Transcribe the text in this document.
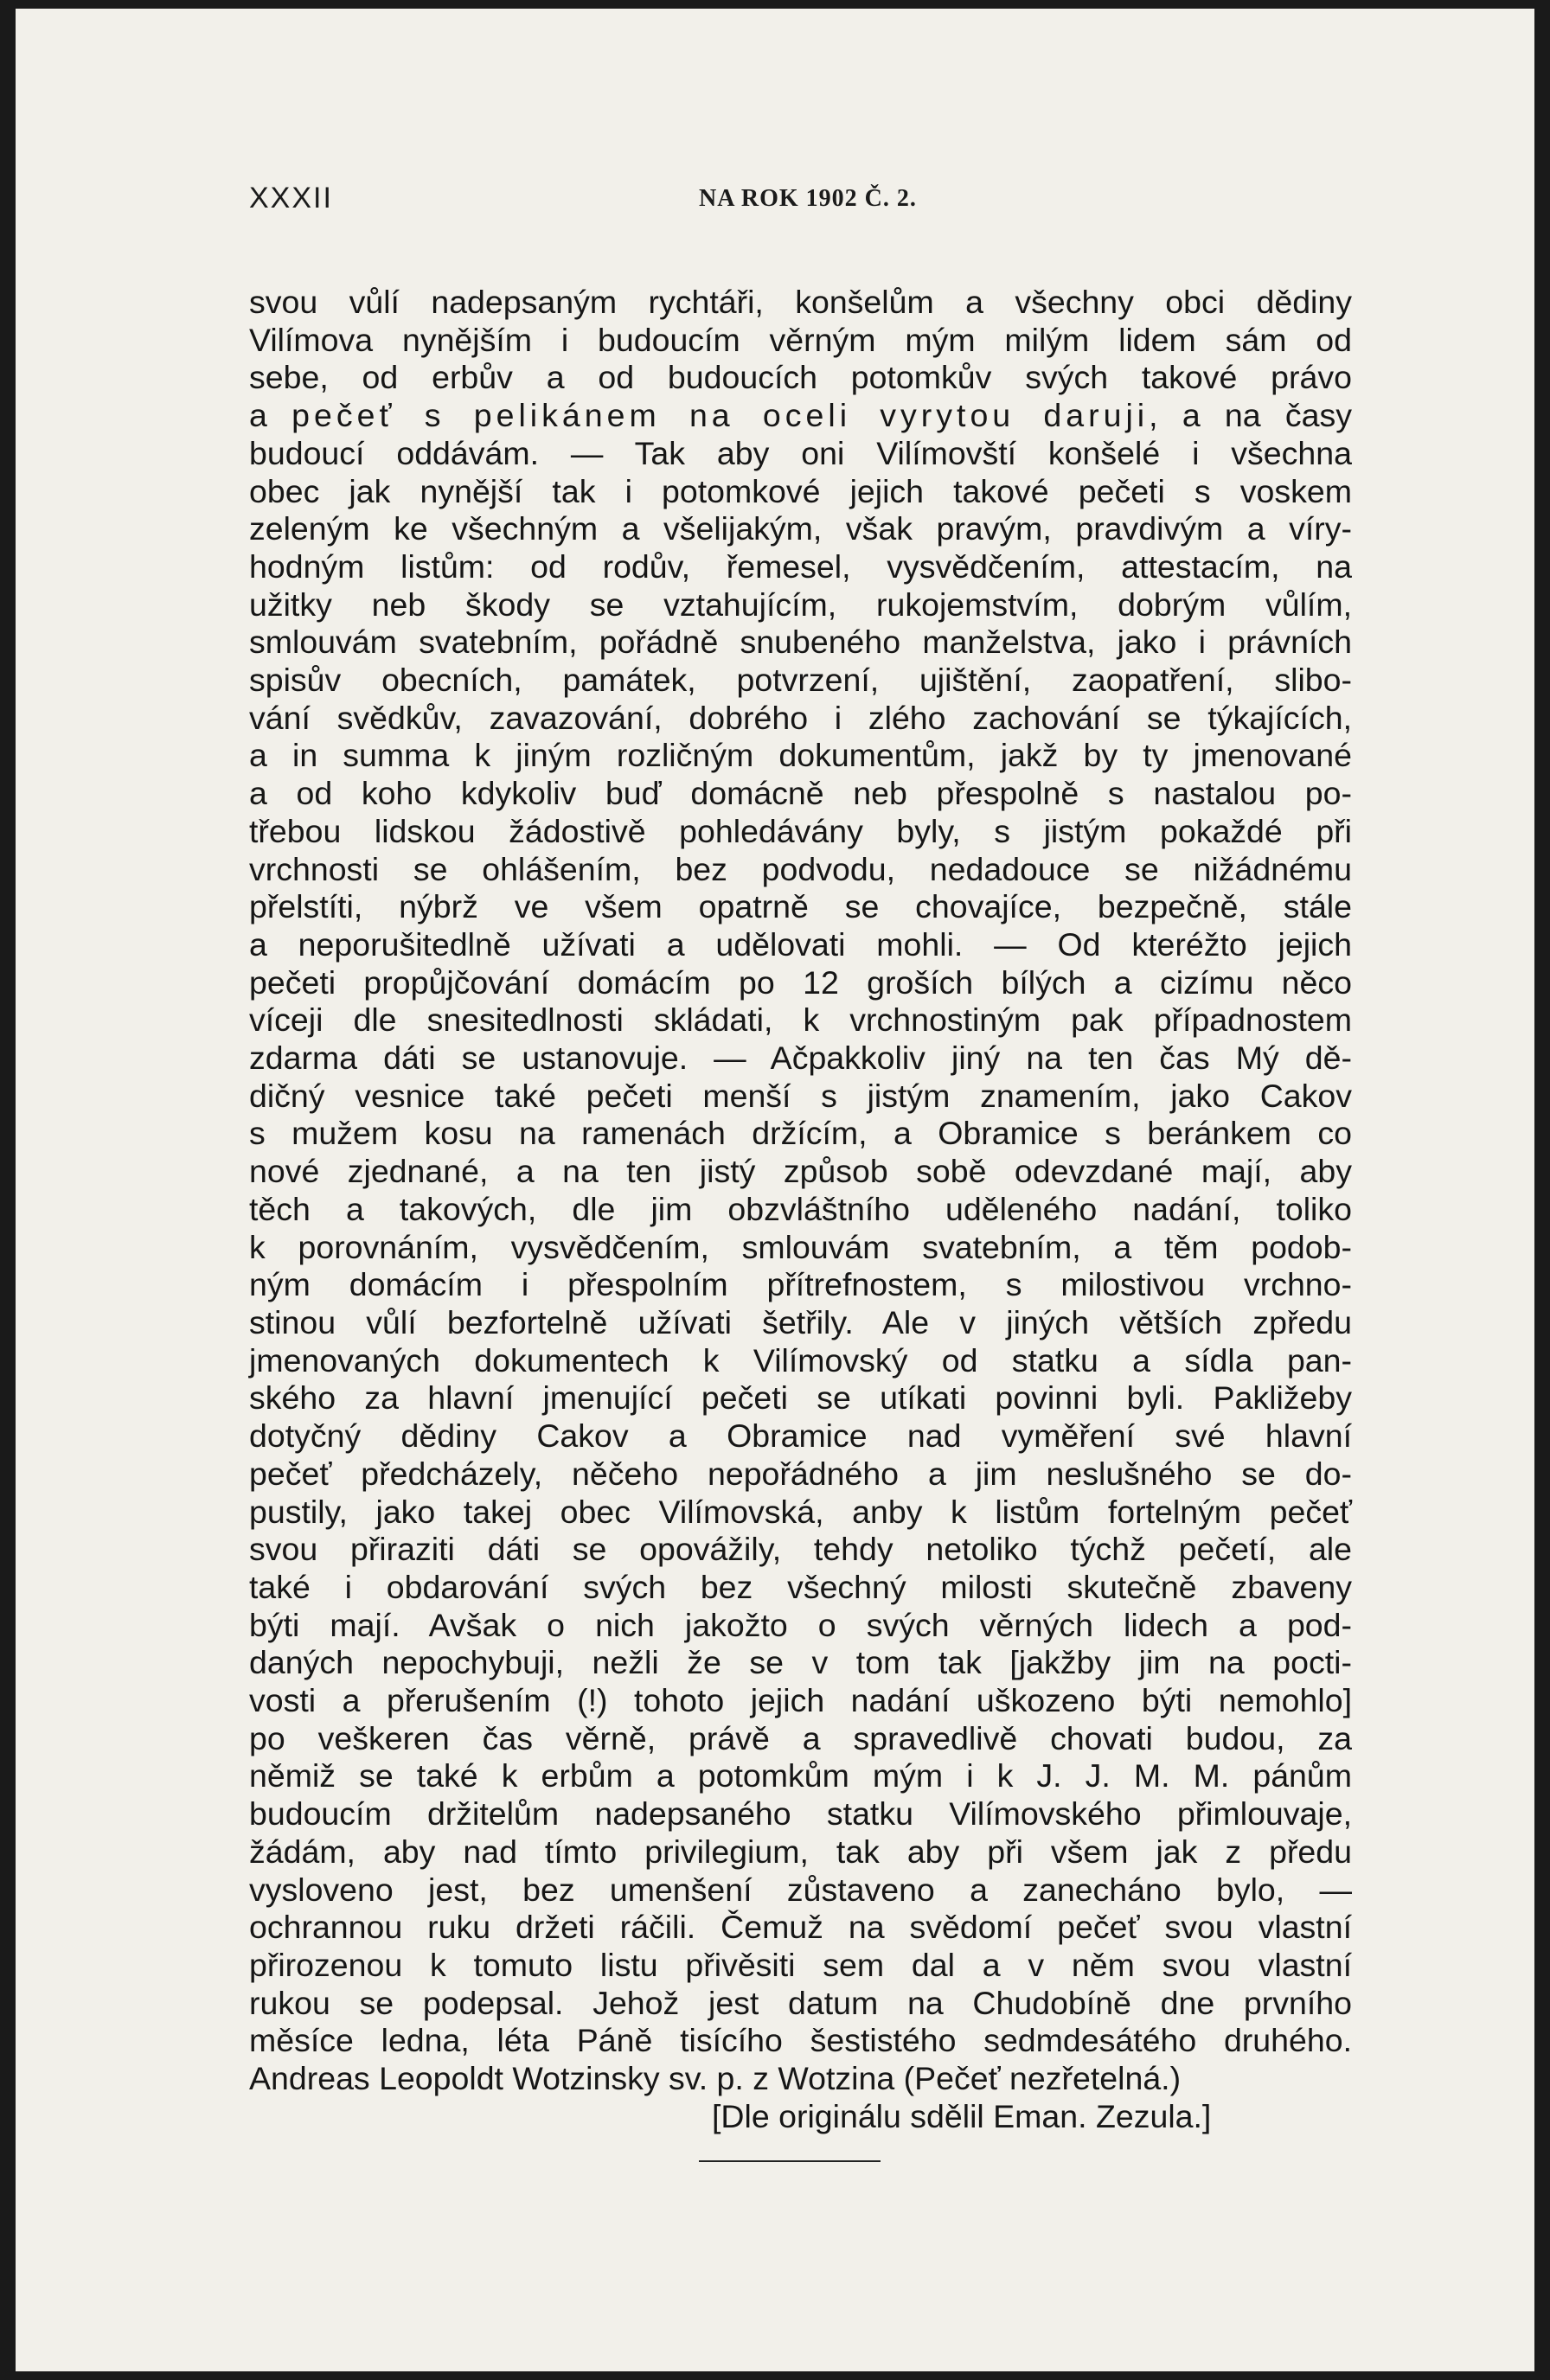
XXXII	NA ROK 1902 Č. 2.
svou vůlí nadepsaným rychtáři, konšelům a všechny obci dědiny
Vilímova nynějším i budoucím věrným mým milým lidem sám od
sebe, od erbův a od budoucích potomkův svých takové právo
a pečeť s pelikánem na oceli vyrytou daruji, a na časy
budoucí oddávám. — Tak aby oni Vilímovští konšelé i všechna
obec jak nynější tak i potomkové jejich takové pečeti s voskem
zeleným ke všechným a všelijakým, však pravým, pravdivým a víry-
hodným listům: od rodův, řemesel, vysvědčením, attestacím, na
užitky neb škody se vztahujícím, rukojemstvím, dobrým vůlím,
smlouvám svatebním, pořádně snubeného manželstva, jako i právních
spisův obecních, památek, potvrzení, ujištění, zaopatření, slibo-
vání svědkův, zavazování, dobrého i zlého zachování se týkajících,
a in summa k jiným rozličným dokumentům, jakž by ty jmenované
a od koho kdykoliv buď domácně neb přespolně s nastalou po-
třebou lidskou žádostivě pohledávány byly, s jistým pokaždé při
vrchnosti se ohlášením, bez podvodu, nedadouce se nižádnému
přelstíti, nýbrž ve všem opatrně se chovajíce, bezpečně, stále
a neporušitedlně užívati a udělovati mohli. — Od kteréžto jejich
pečeti propůjčování domácím po 12 groších bílých a cizímu něco
víceji dle snesitedlnosti skládati, k vrchnostiným pak případnostem
zdarma dáti se ustanovuje. — Ačpakkoliv jiný na ten čas Mý dě-
dičný vesnice také pečeti menší s jistým znamením, jako Cakov
s mužem kosu na ramenách držícím, a Obramice s beránkem co
nové zjednané, a na ten jistý způsob sobě odevzdané mají, aby
těch a takových, dle jim obzvláštního uděleného nadání, toliko
k porovnáním, vysvědčením, smlouvám svatebním, a těm podob-
ným domácím i přespolním přítrefnostem, s milostivou vrchno-
stinou vůlí bezfortelně užívati šetřily. Ale v jiných větších zpředu
jmenovaných dokumentech k Vilímovský od statku a sídla pan-
ského za hlavní jmenující pečeti se utíkati povinni byli. Pakližeby
dotyčný dědiny Cakov a Obramice nad vyměření své hlavní
pečeť předcházely, něčeho nepořádného a jim neslušného se do-
pustily, jako takej obec Vilímovská, anby k listům fortelným pečeť
svou přiraziti dáti se opovážily, tehdy netoliko týchž pečetí, ale
také i obdarování svých bez všechný milosti skutečně zbaveny
býti mají. Avšak o nich jakožto o svých věrných lidech a pod-
daných nepochybuji, nežli že se v tom tak [jakžby jim na pocti-
vosti a přerušením (!) tohoto jejich nadání uškozeno býti nemohlo]
po veškeren čas věrně, právě a spravedlivě chovati budou, za
němiž se také k erbům a potomkům mým i k J. J. M. M. pánům
budoucím držitelům nadepsaného statku Vilímovského přimlouvaje,
žádám, aby nad tímto privilegium, tak aby při všem jak z předu
vysloveno jest, bez umenšení zůstaveno a zanecháno bylo, —
ochrannou ruku držeti ráčili. Čemuž na svědomí pečeť svou vlastní
přirozenou k tomuto listu přivěsiti sem dal a v něm svou vlastní
rukou se podepsal. Jehož jest datum na Chudobíně dne prvního
měsíce ledna, léta Páně tisícího šestistého sedmdesátého druhého.
Andreas Leopoldt Wotzinsky sv. p. z Wotzina (Pečeť nezřetelná.)
[Dle originálu sdělil Eman. Zezula.]
